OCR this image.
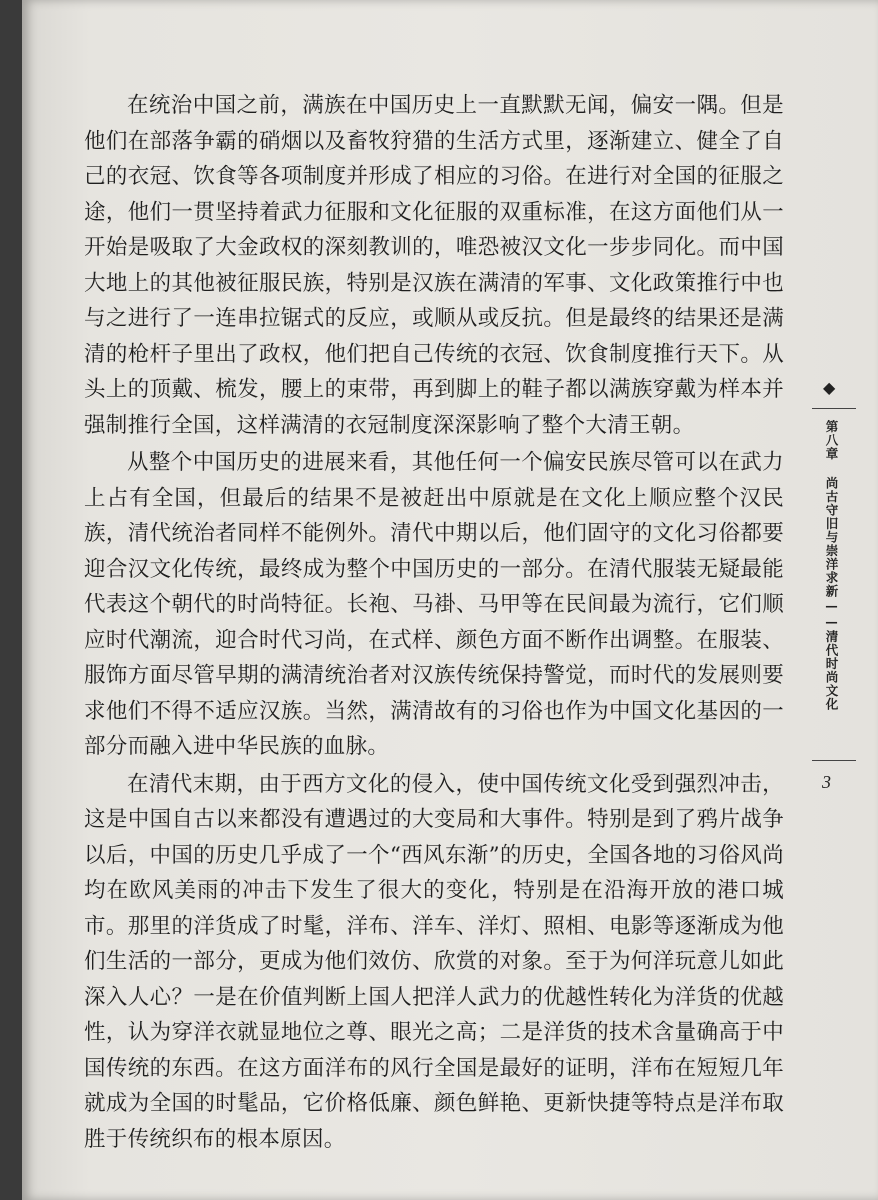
在统治中国之前，满族在中国历史上一直默默无闻，偏安一隅。但是他们在部落争霸的硝烟以及畜牧狩猎的生活方式里，逐渐建立、健全了自己的衣冠、饮食等各项制度并形成了相应的习俗。在进行对全国的征服之途，他们一贯坚持着武力征服和文化征服的双重标准，在这方面他们从一开始是吸取了大金政权的深刻教训的，唯恐被汉文化一步步同化。而中国大地上的其他被征服民族，特别是汉族在满清的军事、文化政策推行中也与之进行了一连串拉锯式的反应，或顺从或反抗。但是最终的结果还是满清的枪杆子里出了政权，他们把自己传统的衣冠、饮食制度推行天下。从头上的顶戴、梳发，腰上的束带，再到脚上的鞋子都以满族穿戴为样本并强制推行全国，这样满清的衣冠制度深深影响了整个大清王朝。

从整个中国历史的进展来看，其他任何一个偏安民族尽管可以在武力上占有全国，但最后的结果不是被赶出中原就是在文化上顺应整个汉民族，清代统治者同样不能例外。清代中期以后，他们固守的文化习俗都要迎合汉文化传统，最终成为整个中国历史的一部分。在清代服装无疑最能代表这个朝代的时尚特征。长袍、马褂、马甲等在民间最为流行，它们顺应时代潮流，迎合时代习尚，在式样、颜色方面不断作出调整。在服装、服饰方面尽管早期的满清统治者对汉族传统保持警觉，而时代的发展则要求他们不得不适应汉族。当然，满清故有的习俗也作为中国文化基因的一部分而融入进中华民族的血脉。

在清代末期，由于西方文化的侵入，使中国传统文化受到强烈冲击，这是中国自古以来都没有遭遇过的大变局和大事件。特别是到了鸦片战争以后，中国的历史几乎成了一个“西风东渐”的历史，全国各地的习俗风尚均在欧风美雨的冲击下发生了很大的变化，特别是在沿海开放的港口城市。那里的洋货成了时髦，洋布、洋车、洋灯、照相、电影等逐渐成为他们生活的一部分，更成为他们效仿、欣赏的对象。至于为何洋玩意儿如此深入人心？一是在价值判断上国人把洋人武力的优越性转化为洋货的优越性，认为穿洋衣就显地位之尊、眼光之高；二是洋货的技术含量确高于中国传统的东西。在这方面洋布的风行全国是最好的证明，洋布在短短几年就成为全国的时髦品，它价格低廉、颜色鲜艳、更新快捷等特点是洋布取胜于传统织布的根本原因。

◆
第八章 尚古守旧与崇洋求新——清代时尚文化
3
